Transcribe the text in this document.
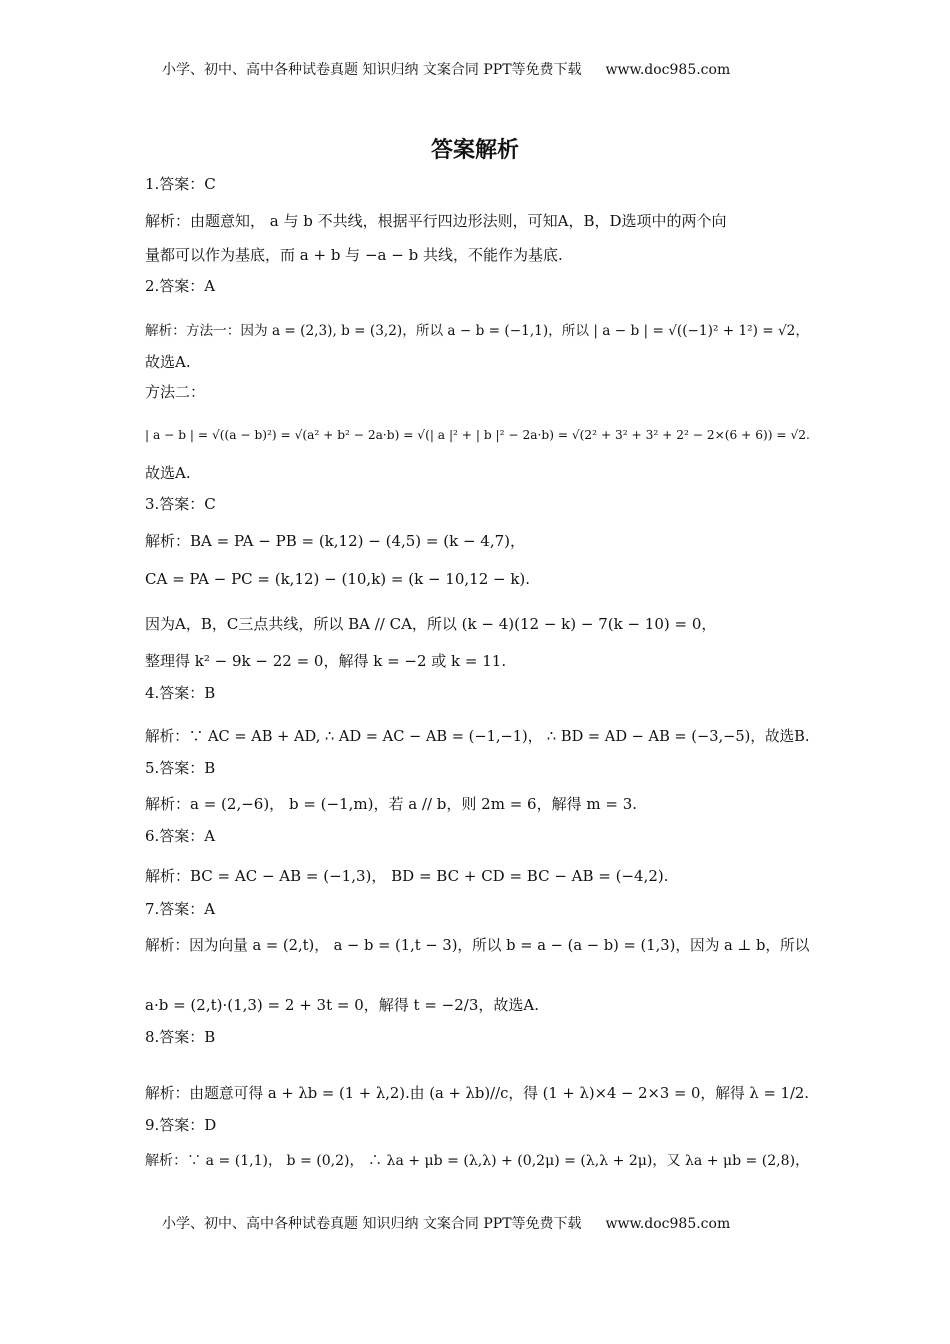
小学、初中、高中各种试卷真题 知识归纳 文案合同 PPT等免费下载 www.doc985.com
答案解析
1.答案：C
解析：由题意知， a 与 b 不共线，根据平行四边形法则，可知A，B，D选项中的两个向
量都可以作为基底，而 a + b 与 −a − b 共线，不能作为基底.
2.答案：A
解析：方法一：因为 a = (2,3), b = (3,2)，所以 a − b = (−1,1)，所以 | a − b | = √((−1)² + 1²) = √2，
故选A.
方法二：
| a − b | = √((a − b)²) = √(a² + b² − 2a·b) = √(| a |² + | b |² − 2a·b) = √(2² + 3² + 3² + 2² − 2×(6 + 6)) = √2.
故选A.
3.答案：C
解析：BA = PA − PB = (k,12) − (4,5) = (k − 4,7)，
CA = PA − PC = (k,12) − (10,k) = (k − 10,12 − k).
因为A，B，C三点共线，所以 BA // CA，所以 (k − 4)(12 − k) − 7(k − 10) = 0，
整理得 k² − 9k − 22 = 0，解得 k = −2 或 k = 11.
4.答案：B
解析：∵ AC = AB + AD, ∴ AD = AC − AB = (−1,−1)， ∴ BD = AD − AB = (−3,−5)，故选B.
5.答案：B
解析：a = (2,−6)， b = (−1,m)，若 a // b，则 2m = 6，解得 m = 3.
6.答案：A
解析：BC = AC − AB = (−1,3)， BD = BC + CD = BC − AB = (−4,2).
7.答案：A
解析：因为向量 a = (2,t)， a − b = (1,t − 3)，所以 b = a − (a − b) = (1,3)，因为 a ⊥ b，所以
a·b = (2,t)·(1,3) = 2 + 3t = 0，解得 t = −2/3，故选A.
8.答案：B
解析：由题意可得 a + λb = (1 + λ,2).由 (a + λb)//c，得 (1 + λ)×4 − 2×3 = 0，解得 λ = 1/2.
9.答案：D
解析：∵ a = (1,1)， b = (0,2)， ∴ λa + μb = (λ,λ) + (0,2μ) = (λ,λ + 2μ)，又 λa + μb = (2,8)，
小学、初中、高中各种试卷真题 知识归纳 文案合同 PPT等免费下载 www.doc985.com
